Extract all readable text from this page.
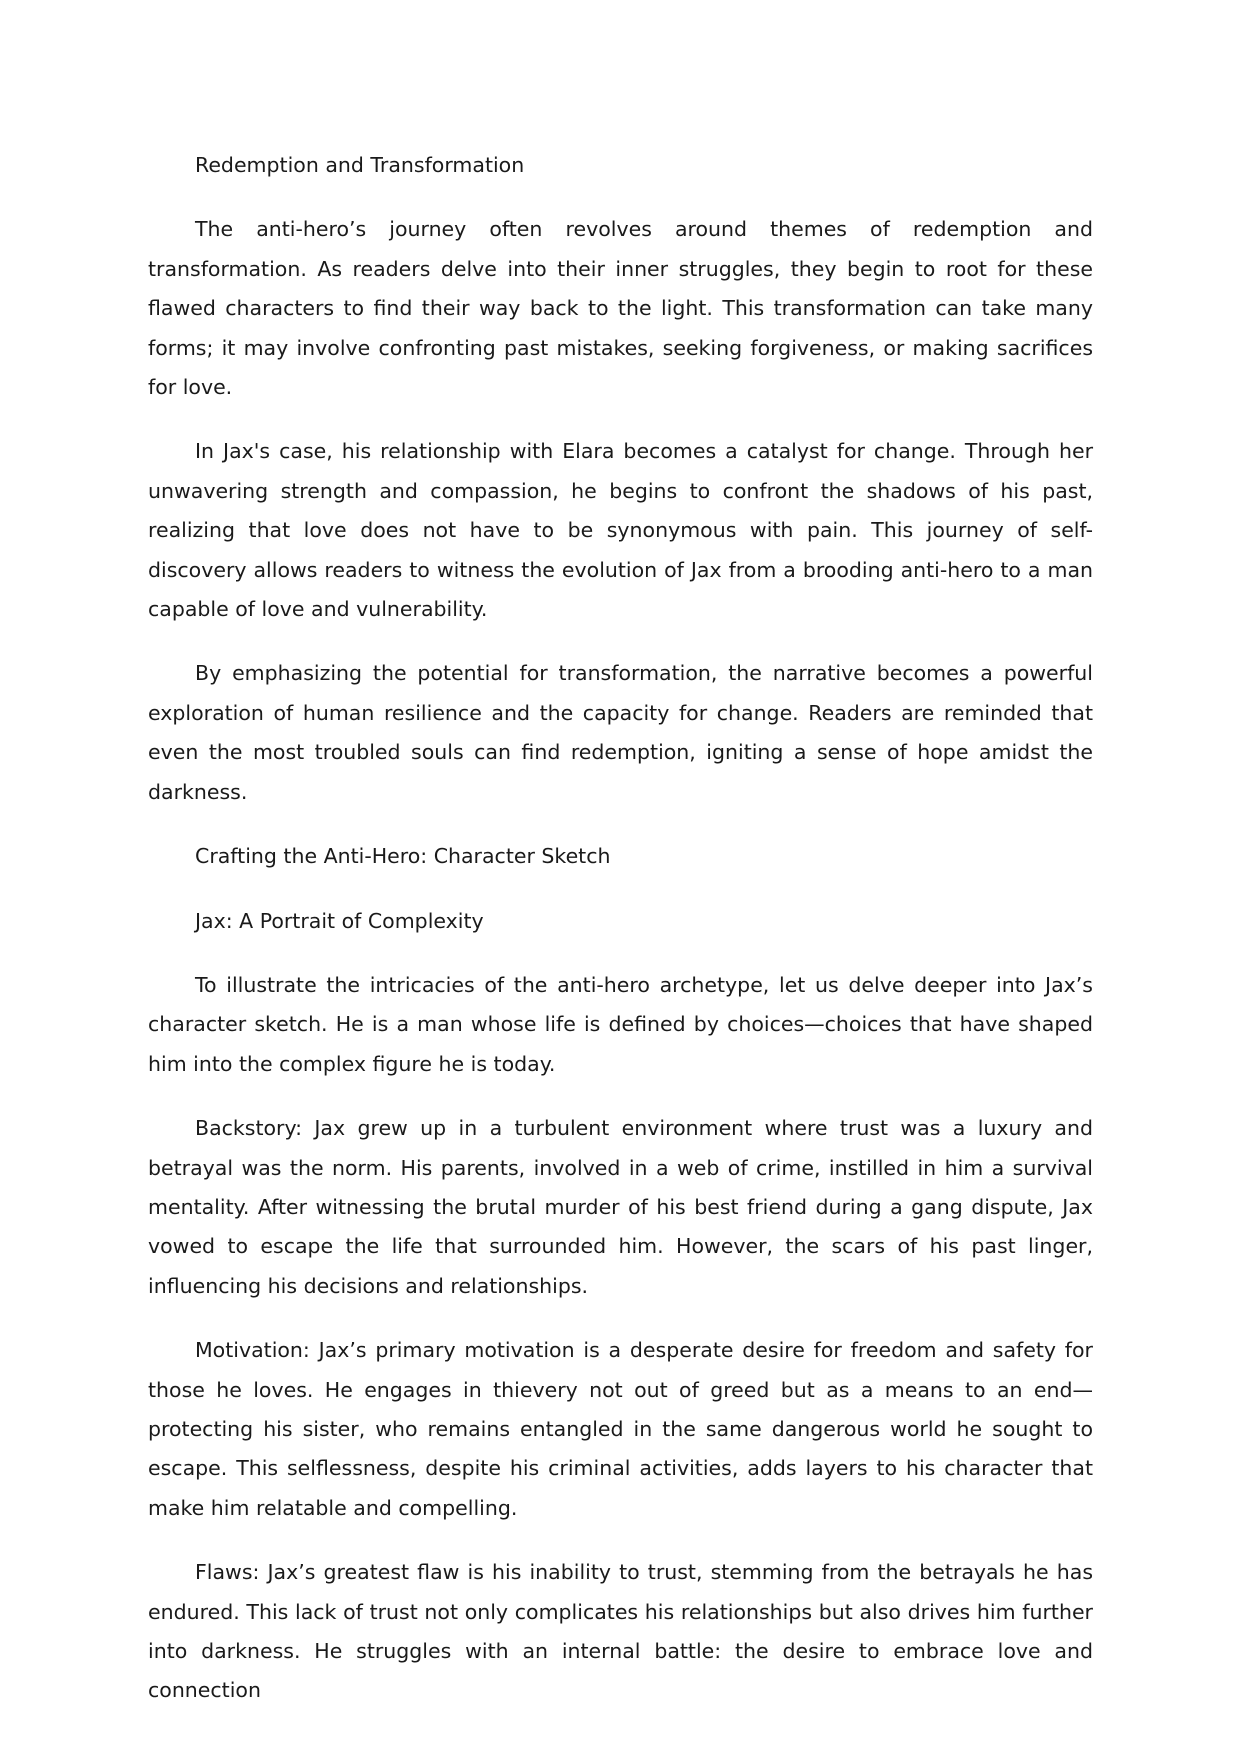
Redemption and Transformation

The anti-hero’s journey often revolves around themes of redemption and transformation. As readers delve into their inner struggles, they begin to root for these flawed characters to find their way back to the light. This transformation can take many forms; it may involve confronting past mistakes, seeking forgiveness, or making sacrifices for love.

In Jax's case, his relationship with Elara becomes a catalyst for change. Through her unwavering strength and compassion, he begins to confront the shadows of his past, realizing that love does not have to be synonymous with pain. This journey of self-discovery allows readers to witness the evolution of Jax from a brooding anti-hero to a man capable of love and vulnerability.

By emphasizing the potential for transformation, the narrative becomes a powerful exploration of human resilience and the capacity for change. Readers are reminded that even the most troubled souls can find redemption, igniting a sense of hope amidst the darkness.

Crafting the Anti-Hero: Character Sketch

Jax: A Portrait of Complexity

To illustrate the intricacies of the anti-hero archetype, let us delve deeper into Jax’s character sketch. He is a man whose life is defined by choices—choices that have shaped him into the complex figure he is today.

Backstory: Jax grew up in a turbulent environment where trust was a luxury and betrayal was the norm. His parents, involved in a web of crime, instilled in him a survival mentality. After witnessing the brutal murder of his best friend during a gang dispute, Jax vowed to escape the life that surrounded him. However, the scars of his past linger, influencing his decisions and relationships.

Motivation: Jax’s primary motivation is a desperate desire for freedom and safety for those he loves. He engages in thievery not out of greed but as a means to an end—protecting his sister, who remains entangled in the same dangerous world he sought to escape. This selflessness, despite his criminal activities, adds layers to his character that make him relatable and compelling.

Flaws: Jax’s greatest flaw is his inability to trust, stemming from the betrayals he has endured. This lack of trust not only complicates his relationships but also drives him further into darkness. He struggles with an internal battle: the desire to embrace love and connection
